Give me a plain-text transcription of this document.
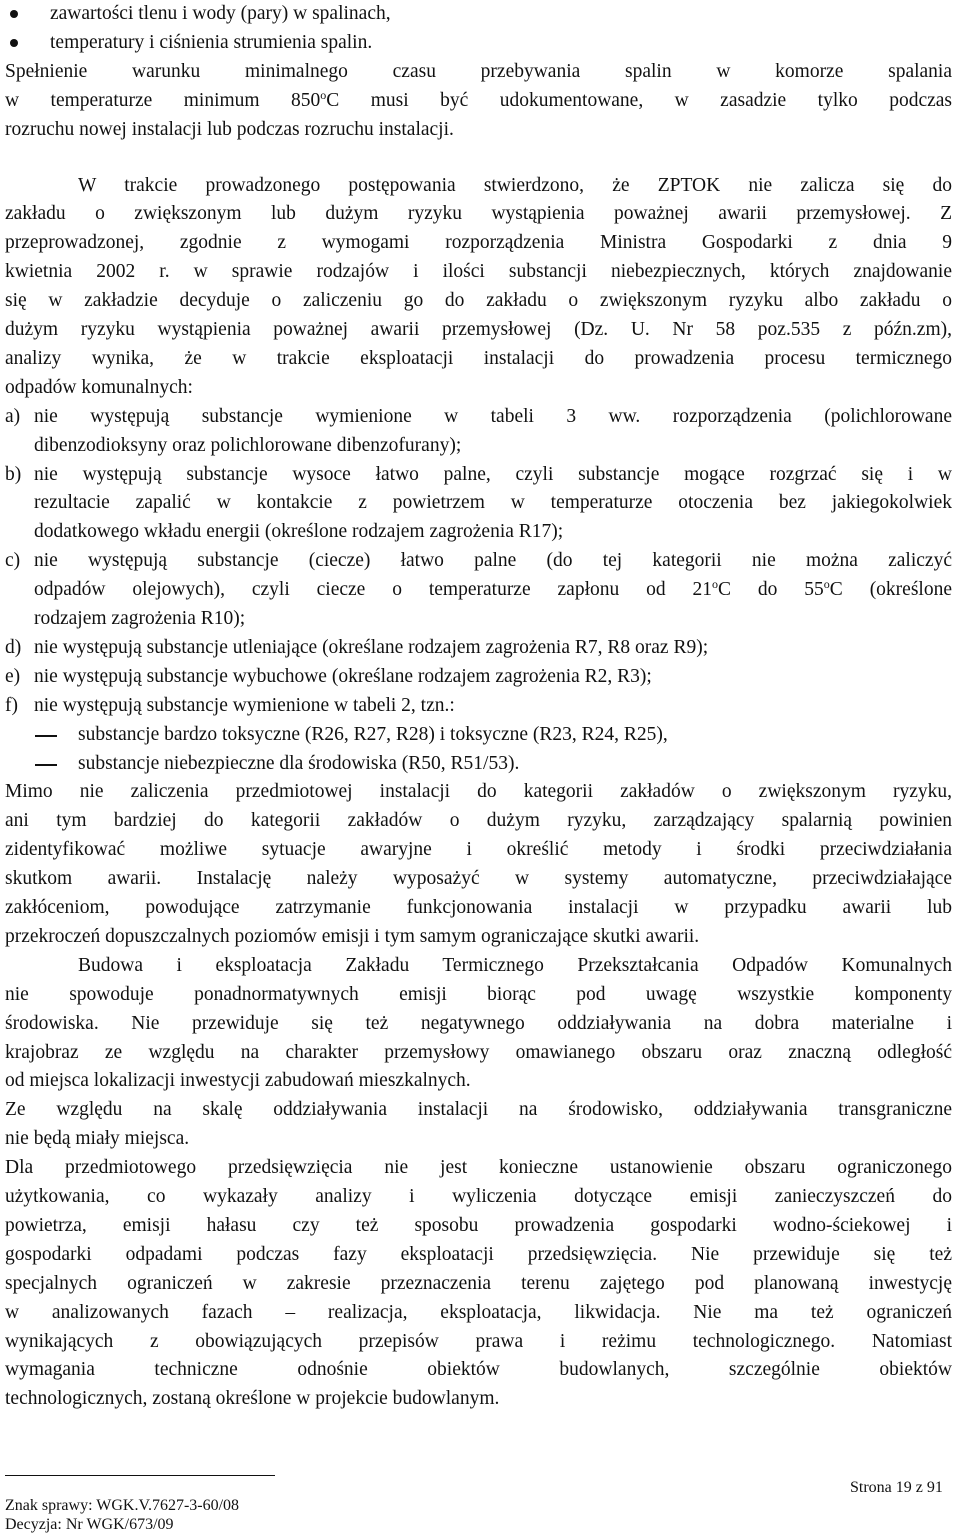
zawartości tlenu i wody (pary) w spalinach,
temperatury i ciśnienia strumienia spalin.
Spełnienie warunku minimalnego czasu przebywania spalin w komorze spalania
w temperaturze minimum 850$^o$C musi być udokumentowane, w zasadzie tylko podczas
rozruchu nowej instalacji lub podczas rozruchu instalacji.
W trakcie prowadzonego postępowania stwierdzono, że ZPTOK nie zalicza się do
zakładu o zwiększonym lub dużym ryzyku wystąpienia poważnej awarii przemysłowej. Z
przeprowadzonej, zgodnie z wymogami rozporządzenia Ministra Gospodarki z dnia 9
kwietnia 2002 r. w sprawie rodzajów i ilości substancji niebezpiecznych, których znajdowanie
się w zakładzie decyduje o zaliczeniu go do zakładu o zwiększonym ryzyku albo zakładu o
dużym ryzyku wystąpienia poważnej awarii przemysłowej (Dz. U. Nr 58 poz.535 z późn.zm),
analizy wynika, że w trakcie eksploatacji instalacji do prowadzenia procesu termicznego
odpadów komunalnych:
a) nie występują substancje wymienione w tabeli 3 ww. rozporządzenia (polichlorowane
dibenzodioksyny oraz polichlorowane dibenzofurany);
b) nie występują substancje wysoce łatwo palne, czyli substancje mogące rozgrzać się i w
rezultacie zapalić w kontakcie z powietrzem w temperaturze otoczenia bez jakiegokolwiek
dodatkowego wkładu energii (określone rodzajem zagrożenia R17);
c) nie występują substancje (ciecze) łatwo palne (do tej kategorii nie można zaliczyć
odpadów olejowych), czyli ciecze o temperaturze zapłonu od 21$^o$C do 55$^o$C (określone
rodzajem zagrożenia R10);
d) nie występują substancje utleniające (określane rodzajem zagrożenia R7, R8 oraz R9);
e) nie występują substancje wybuchowe (określane rodzajem zagrożenia R2, R3);
f) nie występują substancje wymienione w tabeli 2, tzn.:
substancje bardzo toksyczne (R26, R27, R28) i toksyczne (R23, R24, R25),
substancje niebezpieczne dla środowiska (R50, R51/53).
Mimo nie zaliczenia przedmiotowej instalacji do kategorii zakładów o zwiększonym ryzyku,
ani tym bardziej do kategorii zakładów o dużym ryzyku, zarządzający spalarnią powinien
zidentyfikować możliwe sytuacje awaryjne i określić metody i środki przeciwdziałania
skutkom awarii. Instalację należy wyposażyć w systemy automatyczne, przeciwdziałające
zakłóceniom, powodujące zatrzymanie funkcjonowania instalacji w przypadku awarii lub
przekroczeń dopuszczalnych poziomów emisji i tym samym ograniczające skutki awarii.
Budowa i eksploatacja Zakładu Termicznego Przekształcania Odpadów Komunalnych
nie spowoduje ponadnormatywnych emisji biorąc pod uwagę wszystkie komponenty
środowiska. Nie przewiduje się też negatywnego oddziaływania na dobra materialne i
krajobraz ze względu na charakter przemysłowy omawianego obszaru oraz znaczną odległość
od miejsca lokalizacji inwestycji zabudowań mieszkalnych.
Ze względu na skalę oddziaływania instalacji na środowisko, oddziaływania transgraniczne
nie będą miały miejsca.
Dla przedmiotowego przedsięwzięcia nie jest konieczne ustanowienie obszaru ograniczonego
użytkowania, co wykazały analizy i wyliczenia dotyczące emisji zanieczyszczeń do
powietrza, emisji hałasu czy też sposobu prowadzenia gospodarki wodno-ściekowej i
gospodarki odpadami podczas fazy eksploatacji przedsięwzięcia. Nie przewiduje się też
specjalnych ograniczeń w zakresie przeznaczenia terenu zajętego pod planowaną inwestycję
w analizowanych fazach – realizacja, eksploatacja, likwidacja. Nie ma też ograniczeń
wynikających z obowiązujących przepisów prawa i reżimu technologicznego. Natomiast
wymagania techniczne odnośnie obiektów budowlanych, szczególnie obiektów
technologicznych, zostaną określone w projekcie budowlanym.
Strona 19 z 91
Znak sprawy: WGK.V.7627-3-60/08
Decyzja: Nr WGK/673/09
